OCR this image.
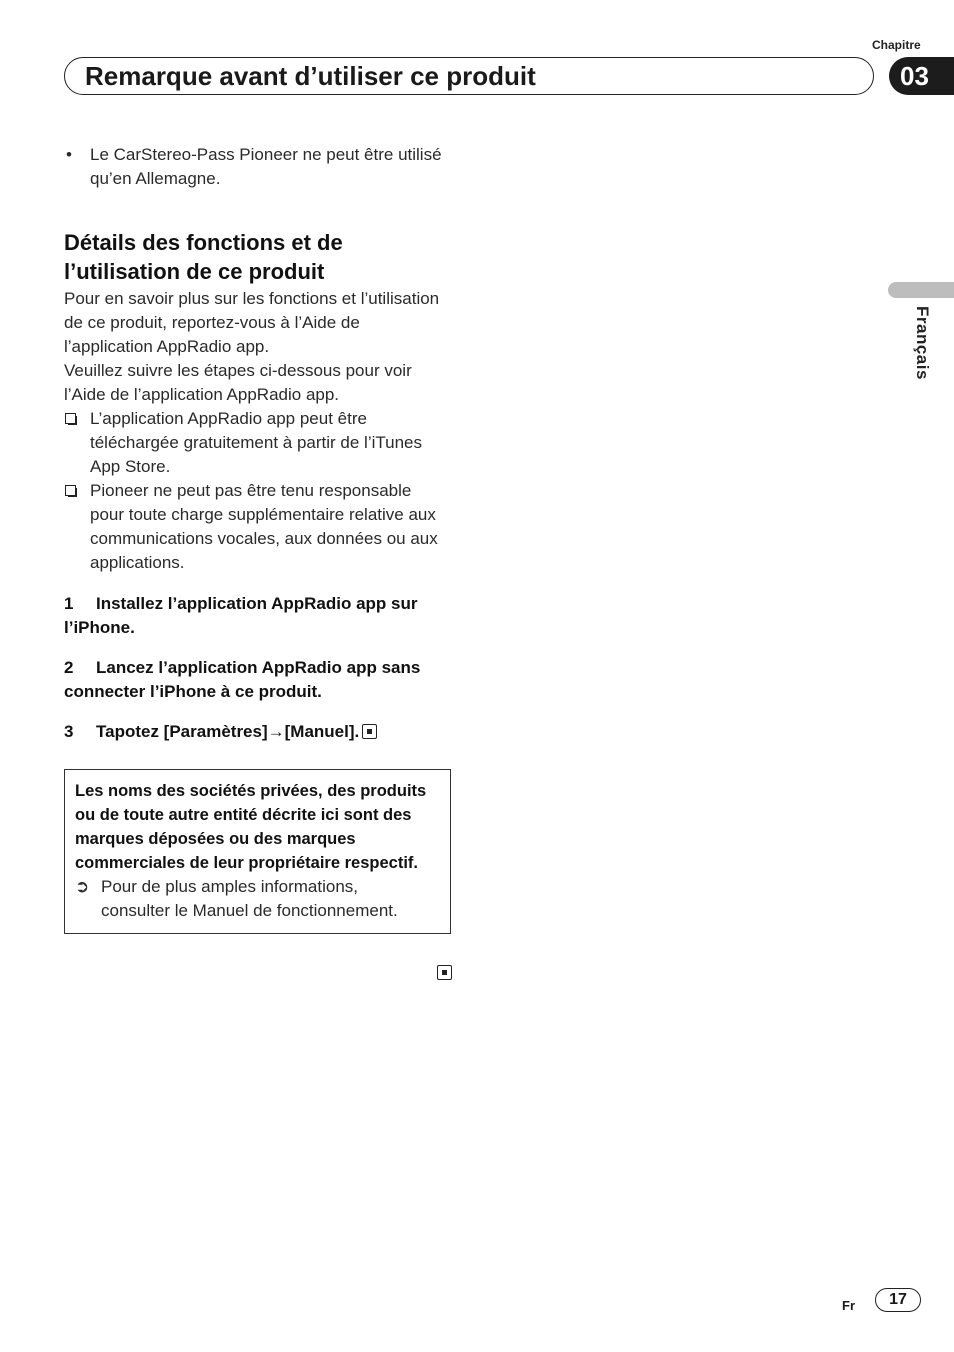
Chapitre
Remarque avant d’utiliser ce produit	03
Français
• Le CarStereo-Pass Pioneer ne peut être utilisé qu’en Allemagne.
Détails des fonctions et de l’utilisation de ce produit

Pour en savoir plus sur les fonctions et l’utilisation de ce produit, reportez-vous à l’Aide de l’application AppRadio app.

Veuillez suivre les étapes ci-dessous pour voir l’Aide de l’application AppRadio app.

L’application AppRadio app peut être téléchargée gratuitement à partir de l’iTunes App Store.
Pioneer ne peut pas être tenu responsable pour toute charge supplémentaire relative aux communications vocales, aux données ou aux applications.
1 Installez l’application AppRadio app sur l’iPhone.
2 Lancez l’application AppRadio app sans connecter l’iPhone à ce produit.
3 Tapotez [Paramètres]→[Manuel].
Les noms des sociétés privées, des produits ou de toute autre entité décrite ici sont des marques déposées ou des marques commerciales de leur propriétaire respectif.
➲ Pour de plus amples informations, consulter le Manuel de fonctionnement.
Fr	17
